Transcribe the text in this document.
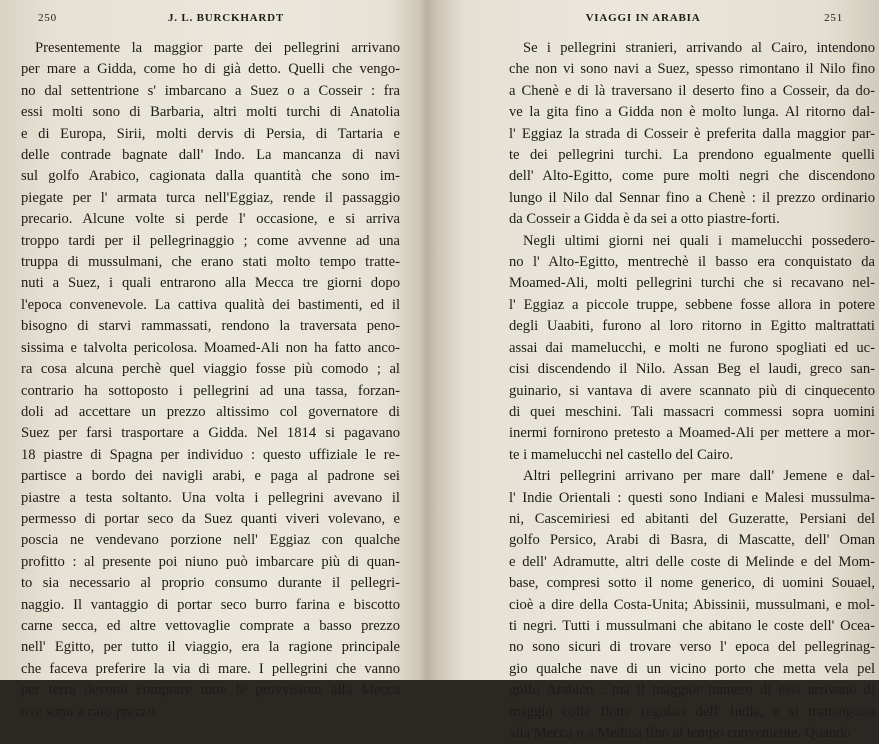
250	J. L. BURCKHARDT
Presentemente la maggior parte dei pellegrini arrivano
per mare a Gidda, come ho di già detto. Quelli che vengo-
no dal settentrione s' imbarcano a Suez o a Cosseir : fra
essi molti sono di Barbaria, altri molti turchi di Anatolia
e di Europa, Sirii, molti dervis di Persia, di Tartaria e
delle contrade bagnate dall' Indo. La mancanza di navi
sul golfo Arabico, cagionata dalla quantità che sono im-
piegate per l' armata turca nell'Eggiaz, rende il passaggio
precario. Alcune volte si perde l' occasione, e si arriva
troppo tardi per il pellegrinaggio ; come avvenne ad una
truppa di mussulmani, che erano stati molto tempo tratte-
nuti a Suez, i quali entrarono alla Mecca tre giorni dopo
l'epoca convenevole. La cattiva qualità dei bastimenti, ed il
bisogno di starvi rammassati, rendono la traversata peno-
sissima e talvolta pericolosa. Moamed-Ali non ha fatto anco-
ra cosa alcuna perchè quel viaggio fosse più comodo ; al
contrario ha sottoposto i pellegrini ad una tassa, forzan-
doli ad accettare un prezzo altissimo col governatore di
Suez per farsi trasportare a Gidda. Nel 1814 si pagavano
18 piastre di Spagna per individuo : questo uffiziale le re-
partisce a bordo dei navigli arabi, e paga al padrone sei
piastre a testa soltanto. Una volta i pellegrini avevano il
permesso di portar seco da Suez quanti viveri volevano, e
poscia ne vendevano porzione nell' Eggiaz con qualche
profitto : al presente poi niuno può imbarcare più di quan-
to sia necessario al proprio consumo durante il pellegri-
naggio. Il vantaggio di portar seco burro farina e biscotto
carne secca, ed altre vettovaglie comprate a basso prezzo
nell' Egitto, per tutto il viaggio, era la ragione principale
che faceva preferire la via di mare. I pellegrini che vanno
per terra devono comprare tutte le provvisioni alla Mecca
ove sono a caro prezzo.
VIAGGI IN ARABIA	251
Se i pellegrini stranieri, arrivando al Cairo, intendono
che non vi sono navi a Suez, spesso rimontano il Nilo fino
a Chenè e di là traversano il deserto fino a Cosseir, da do-
ve la gita fino a Gidda non è molto lunga. Al ritorno dal-
l' Eggiaz la strada di Cosseir è preferita dalla maggior par-
te dei pellegrini turchi. La prendono egualmente quelli
dell' Alto-Egitto, come pure molti negri che discendono
lungo il Nilo dal Sennar fino a Chenè : il prezzo ordinario
da Cosseir a Gidda è da sei a otto piastre-forti.
Negli ultimi giorni nei quali i mamelucchi possedero-
no l' Alto-Egitto, mentrechè il basso era conquistato da
Moamed-Ali, molti pellegrini turchi che si recavano nel-
l' Eggiaz a piccole truppe, sebbene fosse allora in potere
degli Uaabiti, furono al loro ritorno in Egitto maltrattati
assai dai mamelucchi, e molti ne furono spogliati ed uc-
cisi discendendo il Nilo. Assan Beg el laudi, greco san-
guinario, si vantava di avere scannato più di cinquecento
di quei meschini. Tali massacri commessi sopra uomini
inermi fornirono pretesto a Moamed-Ali per mettere a mor-
te i mamelucchi nel castello del Cairo.
Altri pellegrini arrivano per mare dall' Jemene e dal-
l' Indie Orientali : questi sono Indiani e Malesi mussulma-
ni, Cascemiriesi ed abitanti del Guzeratte, Persiani del
golfo Persico, Arabi di Basra, di Mascatte, dell' Oman
e dell' Adramutte, altri delle coste di Melinde e del Mom-
base, compresi sotto il nome generico, di uomini Souael,
cioè a dire della Costa-Unita; Abissinii, mussulmani, e mol-
ti negri. Tutti i mussulmani che abitano le coste dell' Ocea-
no sono sicuri di trovare verso l' epoca del pellegrinag-
gio qualche nave di un vicino porto che metta vela pel
golfo Arabico : ma il maggior numero di essi arrivano di
maggio colle flotte regolari dell' India, e si trattengono
alla Mecca o a Medina fino al tempo conveniente. Quando
